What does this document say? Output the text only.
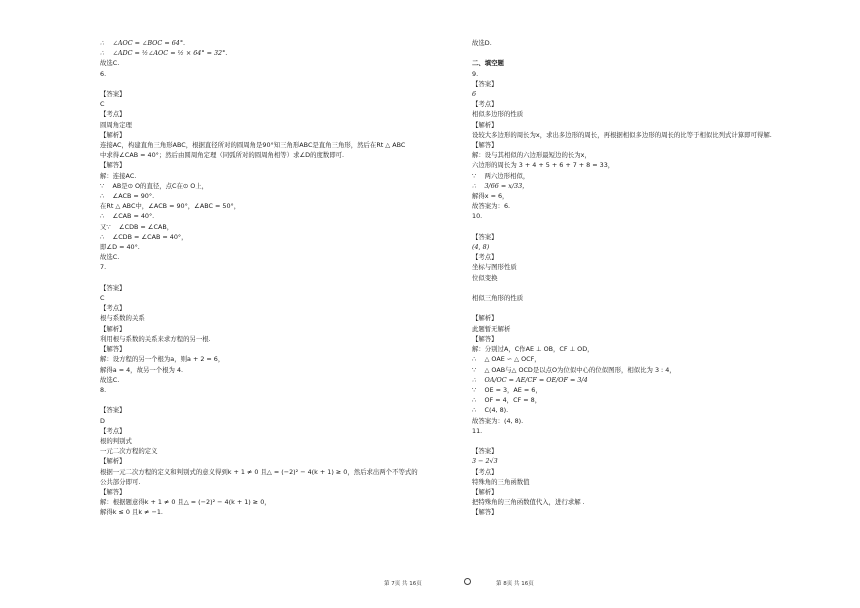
∴　 ∠AOC = ∠BOC = 64°.
∴　 ∠ADC = ½∠AOC = ½ × 64° = 32°.
故选C.
6.

【答案】
C
【考点】
圆周角定理
【解析】
连接AC，构建直角三角形ABC，根据直径所对的圆周角是90°知三角形ABC是直角三角形，然后在Rt △ ABC
中求得∠CAB = 40°；然后由圆周角定理（同弧所对的圆周角相等）求∠D的度数即可.
【解答】
解：连接AC.
∵　 AB是⊙ O的直径，点C在⊙ O上，
∴　 ∠ACB = 90°.
在Rt △ ABC中，∠ACB = 90°，∠ABC = 50°，
∴　 ∠CAB = 40°.
又∵　 ∠CDB = ∠CAB，
∴　 ∠CDB = ∠CAB = 40°，
即∠D = 40°.
故选C.
7.

【答案】
C
【考点】
根与系数的关系
【解析】
利用根与系数的关系来求方程的另一根.
【解答】
解：设方程的另一个根为a，则a + 2 = 6，
解得a = 4，故另一个根为 4.
故选C.
8.

【答案】
D
【考点】
根的判别式
一元二次方程的定义
【解析】
根据一元二次方程的定义和判别式的意义得到k + 1 ≠ 0 且△ = (−2)² − 4(k + 1) ≥ 0，然后求出两个不等式的
公共部分即可.
【解答】
解：根据题意得k + 1 ≠ 0 且△ = (−2)² − 4(k + 1) ≥ 0，
解得k ≤ 0 且k ≠ −1.
故选D.

二、填空题
9.
【答案】
6
【考点】
相似多边形的性质
【解析】
设较大多边形的周长为x，求出多边形的周长，再根据相似多边形的周长的比等于相似比列式计算即可得解.
【解答】
解：设与其相似的六边形最短边的长为x，
六边形的周长为 3 + 4 + 5 + 6 + 7 + 8 = 33，
∵　 两六边形相似，
∴　 3/66 = x/33，
解得x = 6，
故答案为：6.
10.

【答案】
(4, 8)
【考点】
坐标与图形性质
位似变换

相似三角形的性质

【解析】
此题暂无解析
【解答】
解：分别过A，C作AE ⊥ OB，CF ⊥ OD，
∴　 △ OAE ∽ △ OCF，
∵　 △ OAB与△ OCD是以点O为位似中心的位似图形，相似比为 3 : 4，
∴　 OA/OC = AE/CF = OE/OF = 3/4
∵　 OE = 3，AE = 6，
∴　 OF = 4，CF = 8，
∴　 C(4, 8).
故答案为：(4, 8).
11.

【答案】
3 − 2√3
【考点】
特殊角的三角函数值
【解析】
把特殊角的三角函数值代入，进行求解 .
【解答】
第 7页 共 16页	第 8页 共 16页
